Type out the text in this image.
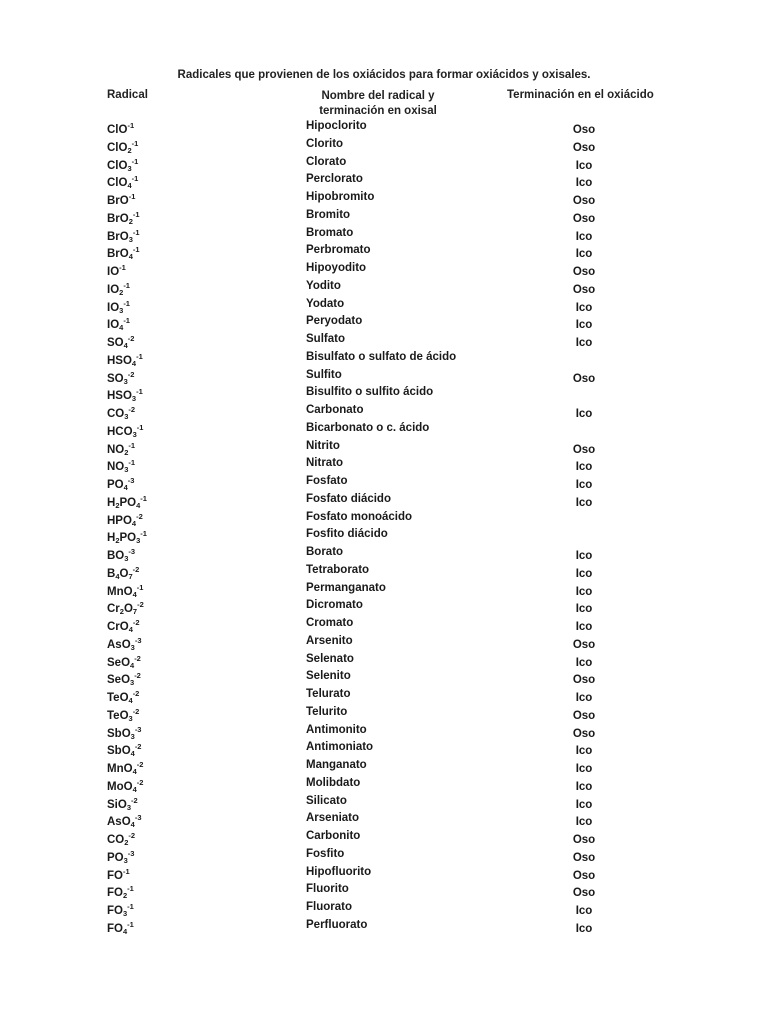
Radicales que provienen de los oxiácidos para formar oxiácidos y oxisales.
Radical	Nombre del radical y
terminación en oxisal
Terminación en el oxiácido
ClO$^{-1}$	Hipoclorito	Oso
ClO$_2^{-1}$	Clorito	Oso
ClO$_3^{-1}$	Clorato	Ico
ClO$_4^{-1}$	Perclorato	Ico
BrO$^{-1}$	Hipobromito	Oso
BrO$_2^{-1}$	Bromito	Oso
BrO$_3^{-1}$	Bromato	Ico
BrO$_4^{-1}$	Perbromato	Ico
$IO^{-1}$	Hipoyodito	Oso
$IO_2^{-1}$	Yodito	Oso
$IO_3^{-1}$	Yodato	Ico
$IO_4^{-1}$	Peryodato	Ico
$SO_4^{-2}$	Sulfato	Ico
$HSO_4^{-1}$	Bisulfato o sulfato de ácido
$SO_3^{-2}$	Sulfito	Oso
$HSO_3^{-1}$	Bisulfito o sulfito ácido
$CO_3^{-2}$	Carbonato	Ico
$HCO_3^{-1}$	Bicarbonato o c. ácido
$NO_2^{-1}$	Nitrito	Oso
$NO_3^{-1}$	Nitrato	Ico
$PO_4^{-3}$	Fosfato	Ico
$H_2PO_4^{-1}$	Fosfato diácido	Ico
$HPO_4^{-2}$	Fosfato monoácido
$H_2PO_3^{-1}$	Fosfito diácido
$BO_3^{-3}$	Borato	Ico
$B_4O_7^{-2}$	Tetraborato	Ico
MnO$_4^{-1}$	Permanganato	Ico
$Cr_2O_7^{-2}$	Dicromato	Ico
CrO$_4^{-2}$	Cromato	Ico
AsO$_3^{-3}$	Arsenito	Oso
SeO$_4^{-2}$	Selenato	Ico
SeO$_3^{-2}$	Selenito	Oso
TeO$_4^{-2}$	Telurato	Ico
TeO$_3^{-2}$	Telurito	Oso
SbO$_3^{-3}$	Antimonito	Oso
SbO$_4^{-2}$	Antimoniato	Ico
MnO$_4^{-2}$	Manganato	Ico
MoO$_4^{-2}$	Molibdato	Ico
SiO$_3^{-2}$	Silicato	Ico
AsO$_4^{-3}$	Arseniato	Ico
$CO_2^{-2}$	Carbonito	Oso
$PO_3^{-3}$	Fosfito	Oso
$FO^{-1}$	Hipofluorito	Oso
$FO_2^{-1}$	Fluorito	Oso
$FO_3^{-1}$	Fluorato	Ico
$FO_4^{-1}$	Perfluorato	Ico
